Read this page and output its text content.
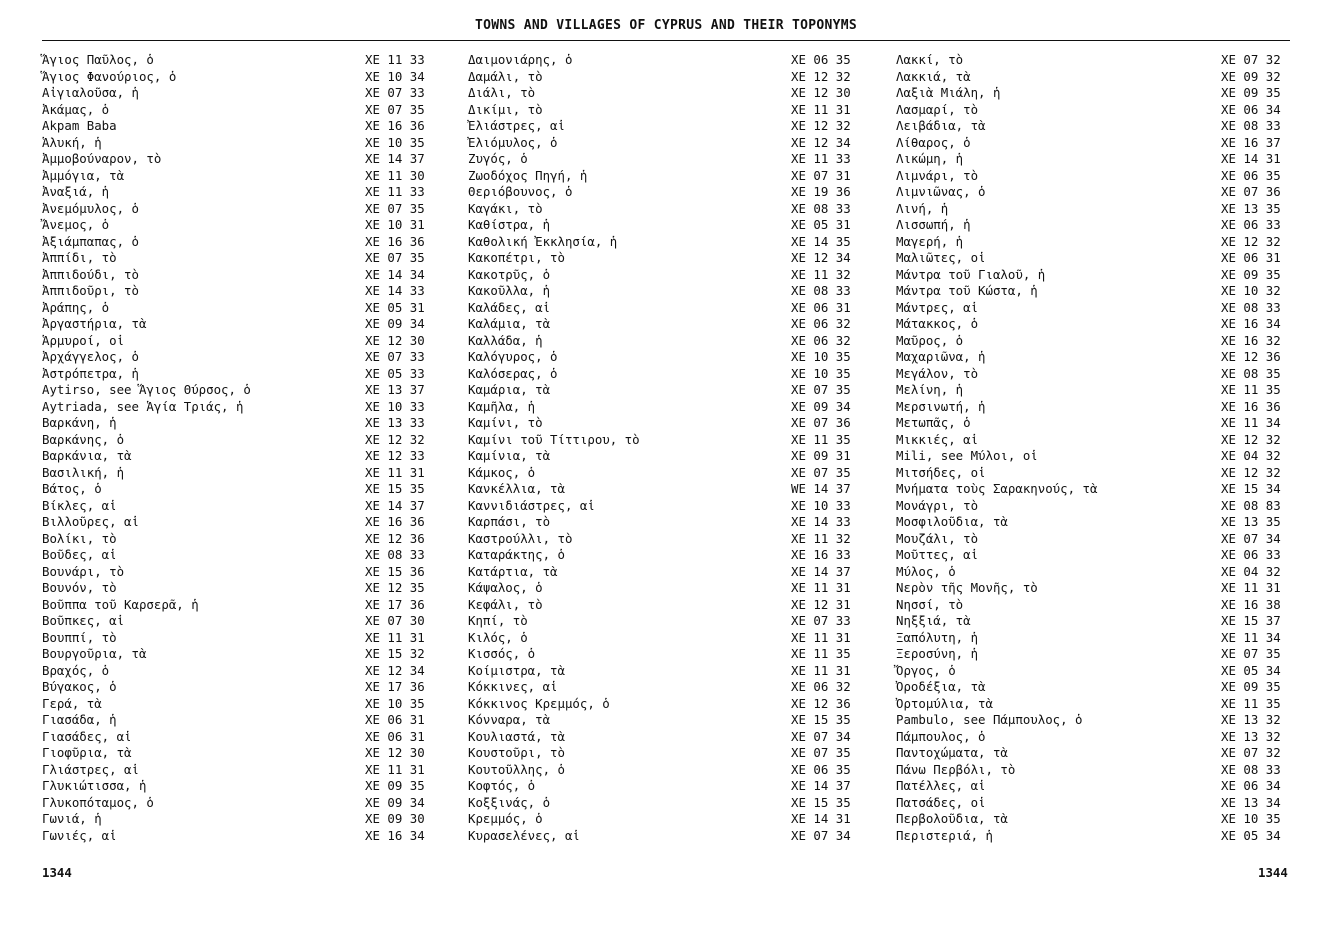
TOWNS AND VILLAGES OF CYPRUS AND THEIR TOPONYMS
Ἅγιος Παῦλος, ὁ	XE 11 33
Ἅγιος Φανούριος, ὁ	XE 10 34
Αἰγιαλοῦσα, ἡ	XE 07 33
Ἀκάμας, ὁ	XE 07 35
Akpam Baba	XE 16 36
Ἁλυκή, ἡ	XE 10 35
Ἀμμοβούναρον, τὸ	XE 14 37
Ἀμμόγια, τὰ	XE 11 30
Ἀναξιά, ἡ	XE 11 33
Ἀνεμόμυλος, ὁ	XE 07 35
Ἄνεμος, ὁ	XE 10 31
Ἀξιάμπαπας, ὁ	XE 16 36
Ἀππίδι, τὸ	XE 07 35
Ἀππιδούδι, τὸ	XE 14 34
Ἀππιδοῦρι, τὸ	XE 14 33
Ἀράπης, ὁ	XE 05 31
Ἀργαστήρια, τὰ	XE 09 34
Ἁρμυροί, οἱ	XE 12 30
Ἀρχάγγελος, ὁ	XE 07 33
Ἀστρόπετρα, ἡ	XE 05 33
Aytirso, see Ἅγιος Θύρσος, ὁ	XE 13 37
Aytriada, see Ἁγία Τριάς, ἡ	XE 10 33
Βαρκάνη, ἡ	XE 13 33
Βαρκάνης, ὁ	XE 12 32
Βαρκάνια, τὰ	XE 12 33
Βασιλική, ἡ	XE 11 31
Βάτος, ὁ	XE 15 35
Βίκλες, αἱ	XE 14 37
Βιλλοῦρες, αἱ	XE 16 36
Βολίκι, τὸ	XE 12 36
Βοῦδες, αἱ	XE 08 33
Βουνάρι, τὸ	XE 15 36
Βουνόν, τὸ	XE 12 35
Βοῦππα τοῦ Καρσερᾶ, ἡ	XE 17 36
Βοῦπκες, αἱ	XE 07 30
Βουππί, τὸ	XE 11 31
Βουργοῦρια, τὰ	XE 15 32
Βραχός, ὁ	XE 12 34
Βύγακος, ὁ	XE 17 36
Γερά, τὰ	XE 10 35
Γιασάδα, ἡ	XE 06 31
Γιασάδες, αἱ	XE 06 31
Γιοφῦρια, τὰ	XE 12 30
Γλιάστρες, αἱ	XE 11 31
Γλυκιώτισσα, ἡ	XE 09 35
Γλυκοπόταμος, ὁ	XE 09 34
Γωνιά, ἡ	XE 09 30
Γωνιές, αἱ	XE 16 34
Δαιμονιάρης, ὁ	XE 06 35
Δαμάλι, τὸ	XE 12 32
Διάλι, τὸ	XE 12 30
Δικίμι, τὸ	XE 11 31
Ἐλιάστρες, αἱ	XE 12 32
Ἐλιόμυλος, ὁ	XE 12 34
Ζυγός, ὁ	XE 11 33
Ζωοδόχος Πηγή, ἡ	XE 07 31
Θεριόβουνος, ὁ	XE 19 36
Καγάκι, τὸ	XE 08 33
Καθίστρα, ἡ	XE 05 31
Καθολική Ἐκκλησία, ἡ	XE 14 35
Κακοπέτρι, τὸ	XE 12 34
Κακοτρῦς, ὁ	XE 11 32
Κακοῦλλα, ἡ	XE 08 33
Καλάδες, αἱ	XE 06 31
Καλάμια, τὰ	XE 06 32
Καλλάδα, ἡ	XE 06 32
Καλόγυρος, ὁ	XE 10 35
Καλόσερας, ὁ	XE 10 35
Καμάρια, τὰ	XE 07 35
Καμῆλα, ἡ	XE 09 34
Καμίνι, τὸ	XE 07 36
Καμίνι τοῦ Τίττιρου, τὸ	XE 11 35
Καμίνια, τὰ	XE 09 31
Κάμκος, ὁ	XE 07 35
Κανκέλλια, τὰ	WE 14 37
Καννιδιάστρες, αἱ	XE 10 33
Καρπάσι, τὸ	XE 14 33
Καστρούλλι, τὸ	XE 11 32
Καταράκτης, ὁ	XE 16 33
Κατάρτια, τὰ	XE 14 37
Κάψαλος, ὁ	XE 11 31
Κεφάλι, τὸ	XE 12 31
Κηπί, τὸ	XE 07 33
Κιλός, ὁ	XE 11 31
Κισσός, ὁ	XE 11 35
Κοίμιστρα, τὰ	XE 11 31
Κόκκινες, αἱ	XE 06 32
Κόκκινος Κρεμμός, ὁ	XE 12 36
Κόνναρα, τὰ	XE 15 35
Κουλιαστά, τὰ	XE 07 34
Κουστοῦρι, τὸ	XE 07 35
Κουτοῦλλης, ὁ	XE 06 35
Κοφτός, ὁ	XE 14 37
Κοξξινάς, ὁ	XE 15 35
Κρεμμός, ὁ	XE 14 31
Κυρασελένες, αἱ	XE 07 34
Λακκί, τὸ	XE 07 32
Λακκιά, τὰ	XE 09 32
Λαξιὰ Μιάλη, ἡ	XE 09 35
Λασμαρί, τὸ	XE 06 34
Λειβάδια, τὰ	XE 08 33
Λίθαρος, ὁ	XE 16 37
Λικώμη, ἡ	XE 14 31
Λιμνάρι, τὸ	XE 06 35
Λιμνιῶνας, ὁ	XE 07 36
Λινή, ἡ	XE 13 35
Λισσωπή, ἡ	XE 06 33
Μαγερή, ἡ	XE 12 32
Μαλιῶτες, οἱ	XE 06 31
Μάντρα τοῦ Γιαλοῦ, ἡ	XE 09 35
Μάντρα τοῦ Κώστα, ἡ	XE 10 32
Μάντρες, αἱ	XE 08 33
Μάτακκος, ὁ	XE 16 34
Μαῦρος, ὁ	XE 16 32
Μαχαριῶνα, ἡ	XE 12 36
Μεγάλον, τὸ	XE 08 35
Μελίνη, ἡ	XE 11 35
Μερσινωτή, ἡ	XE 16 36
Μετωπᾶς, ὁ	XE 11 34
Μικκιές, αἱ	XE 12 32
Mili, see Μύλοι, οἱ	XE 04 32
Μιτσήδες, οἱ	XE 12 32
Μνήματα τοὺς Σαρακηνούς, τὰ	XE 15 34
Μονάγρι, τὸ	XE 08 83
Μοσφιλοῦδια, τὰ	XE 13 35
Μουζάλι, τὸ	XE 07 34
Μοῦττες, αἱ	XE 06 33
Μύλος, ὁ	XE 04 32
Νερὸν τῆς Μονῆς, τὸ	XE 11 31
Νησσί, τὸ	XE 16 38
Νηξξιά, τὰ	XE 15 37
Ξαπόλυτη, ἡ	XE 11 34
Ξεροσύνη, ἡ	XE 07 35
Ὄργος, ὁ	XE 05 34
Ὀροδέξια, τὰ	XE 09 35
Ὀρτομύλια, τὰ	XE 11 35
Pambulo, see Πάμπουλος, ὁ	XE 13 32
Πάμπουλος, ὁ	XE 13 32
Παντοχώματα, τὰ	XE 07 32
Πάνω Περβόλι, τὸ	XE 08 33
Πατέλλες, αἱ	XE 06 34
Πατσάδες, οἱ	XE 13 34
Περβολοῦδια, τὰ	XE 10 35
Περιστεριά, ἡ	XE 05 34
1344	1344
